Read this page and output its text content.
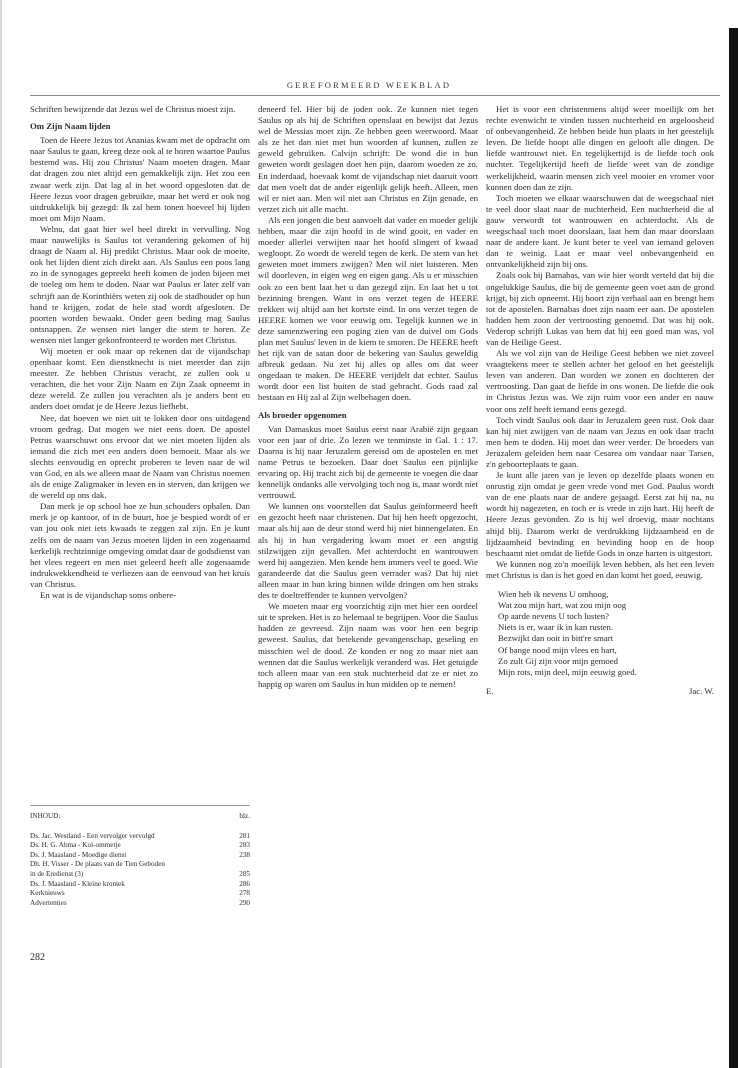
GEREFORMEERD WEEKBLAD

Schriften bewijzende dat Jezus wel de Christus moest zijn.

Om Zijn Naam lijden

Toen de Heere Jezus tot Ananias kwam met de opdracht om naar Saulus te gaan, kreeg deze ook al te horen waartoe Paulus bestemd was. Hij zou Christus' Naam moeten dragen. Maar dat dragen zou niet altijd een gemakkelijk zijn. Het zou een zwaar werk zijn. Dat lag al in het woord opgesloten dat de Heere Jezus voor dragen gebruikte, maar het werd er ook nog uitdrukkelijk bij gezegd: Ik zal hem tonen hoeveel hij lijden moet om Mijn Naam.

Welnu, dat gaat hier wel heel direkt in vervulling. Nog maar nauwelijks is Saulus tot verandering gekomen of hij draagt de Naam al. Hij predikt Christus. Maar ook de moeite, ook het lijden dient zich direkt aan. Als Saulus een poos lang zo in de synogages gepreekt heeft komen de joden bijeen met de toeleg om hem te doden. Naar wat Paulus er later zelf van schrijft aan de Korinthiërs weten zij ook de stadhouder op hun hand te krijgen, zodat de hele stad wordt afgesloten. De poorten worden bewaakt. Onder geen beding mag Saulus ontsnappen. Ze wensen niet langer die stem te horen. Ze wensen niet langer gekonfronteerd te worden met Christus.

Wij moeten er ook maar op rekenen dat de vijandschap openbaar komt. Een dienstknecht is niet meerder dan zijn meester. Ze hebben Christus veracht, ze zullen ook u verachten, die het voor Zijn Naam en Zijn Zaak opneemt in deze wereld. Ze zullen jou verachten als je anders bent en anders doet omdat je de Heere Jezus liefhebt.

Nee, dat hoeven we niet uit te lokken door ons uitdagend vroom gedrag. Dat mogen we niet eens doen. De apostel Petrus waarschuwt ons ervoor dat we niet moeten lijden als iemand die zich met een anders doen bemoeit. Maar als we slechts eenvoudig en oprecht proberen te leven naar de wil van God, en als we alleen maar de Naam van Christus noemen als de enige Zaligmaker in leven en in sterven, dan krijgen we de wereld op ons dak.

Dan merk je op school hoe ze hun schouders ophalen. Dan merk je op kantoor, of in de buurt, hoe je bespied wordt of er van jou ook niet iets kwaads te zeggen zal zijn. En je kunt zelfs om de naam van Jezus moeten lijden in een zogenaamd kerkelijk rechtzinnige omgeving omdat daar de godsdienst van het vlees regeert en men niet geleerd heeft alle zogenaamde indrukwekkendheid te verliezen aan de eenvoud van het kruis van Christus.

En wat is de vijandschap soms onbere-

INHOUD:	blz.
Ds. Jac. Westland - Een vervolger vervolgd	281
Ds. H. G. Abma - Kol-ommetje	283
Ds. J. Maasland - Moedige dienst	238
Dh. H. Visser - De plaats van de Tien Geboden
in de Eredienst (3)	285
Ds. J. Maasland - Kleine kroniek	286
Kerknieuws	278
Advertenties	290
282

deneerd fel. Hier bij de joden ook. Ze kunnen niet tegen Saulus op als hij de Schriften openslaat en bewijst dat Jezus wel de Messias moet zijn. Ze hebben geen weerwoord. Maar als ze het dan niet met hun woorden af kunnen, zullen ze geweld gebruiken. Calvijn schrijft: De wond die in hun geweten wordt geslagen doet hen pijn, daarom woeden ze zo. En inderdaad, hoevaak komt de vijandschap niet daaruit voort dat men voelt dat de ander eigenlijk gelijk heeft. Alleen, men wil er niet aan. Men wil niet aan Christus en Zijn genade, en verzet zich uit alle macht.

Als een jongen die best aanvoelt dat vader en moeder gelijk hebben, maar die zijn hoofd in de wind gooit, en vader en moeder allerlei verwijten naar het hoofd slingert of kwaad wegloopt. Zo woedt de wereld tegen de kerk. De stem van het geweten moet immers zwijgen? Men wil niet luisteren. Men wil doorleven, in eigen weg en eigen gang. Als u er misschien ook zo een bent laat het u dan gezegd zijn. En laat het u tot bezinning brengen. Want in ons verzet tegen de HEERE trekken wij altijd aan het kortste eind. In ons verzet tegen de HEERE komen we voor eeuwig om. Tegelijk kunnen we in deze samenzwering een poging zien van de duivel om Gods plan met Saulus' leven in de kiem te smoren. De HEERE heeft het rijk van de satan door de bekering van Saulus geweldig afbreuk gedaan. Nu zet hij alles op alles om dat weer ongedaan te maken. De HEERE verijdelt dat echter. Saulus wordt door een list buiten de stad gebracht. Gods raad zal bestaan en Hij zal al Zijn welbehagen doen.

Als broeder opgenomen

Van Damaskus moet Saulus eerst naar Arabië zijn gegaan voor een jaar of drie. Zo lezen we tenminste in Gal. 1 : 17. Daarna is hij naar Jeruzalem gereisd om de apostelen en met name Petrus te bezoeken. Daar doet Saulus een pijnlijke ervaring op. Hij tracht zich bij de gemeente te voegen die daar kennelijk ondanks alle vervolging toch nog is, maar wordt niet vertrouwd.

We kunnen ons voorstellen dat Saulus geïnformeerd heeft en gezocht heeft naar christenen. Dat hij hen heeft opgezocht, maar als hij aan de deur stond werd hij niet binnengelaten. En als hij in hun vergadering kwam moet er een angstig stilzwijgen zijn gevallen. Met achterdocht en wantrouwen werd hij aangezien. Men kende hem immers veel te goed. Wie garandeerde dat die Saulus geen verrader was? Dat hij niet alleen maar in hun kring binnen wilde dringen om hen straks des te doeltreffender te kunnen vervolgen?

We moeten maar erg voorzichtig zijn met hier een oordeel uit te spreken. Het is zo helemaal te begrijpen. Voor die Saulus hadden ze gevreesd. Zijn naam was voor hen een begrip geweest. Saulus, dat betekende gevangenschap, geseling en misschien wel de dood. Ze konden er nog zo maar niet aan wennen dat die Saulus werkelijk veranderd was. Het getuigde toch alleen maar van een stuk nuchterheid dat ze er niet zo happig op waren om Saulus in hun midden op te nemen!

Het is voor een christenmens altijd weer moeilijk om het rechte evenwicht te vinden tussen nuchterheid en argeloosheid of onbevangenheid. Ze hebben beide hun plaats in het geestelijk leven. De liefde hoopt alle dingen en gelooft alle dingen. De liefde wantrouwt niet. En tegelijkertijd is de liefde toch ook nuchter. Tegelijkertijd heeft de liefde weet van de zondige werkelijkheid, waarin mensen zich veel mooier en vromer voor kunnen doen dan ze zijn.

Toch moeten we elkaar waarschuwen dat de weegschaal niet te veel door slaat naar de nuchterheid. Een nuchterheid die al gauw verwordt tot wantrouwen en achterdocht. Als de weegschaal toch moet doorslaan, laat hem dan maar doorslaan naar de andere kant. Je kunt beter te veel van iemand geloven dan te weinig. Laat er maar veel onbevangenheid en ontvankelijkheid zijn bij ons.

Zoals ook bij Barnabas, van wie hier wordt verteld dat hij die ongelukkige Saulus, die bij de gemeente geen voet aan de grond krijgt, bij zich opneemt. Hij hoort zijn verhaal aan en brengt hem tot de apostelen. Barnabas doet zijn naam eer aan. De apostelen hadden hem zoon der vertroosting genoemd. Dat was hij ook. Vederop schrijft Lukas van hem dat hij een goed man was, vol van de Heilige Geest.

Als we vol zijn van de Heilige Geest hebben we niet zoveel vraagtekens meer te stellen achter het geloof en het geestelijk leven van anderen. Dan worden we zonen en dochteren der vertroosting. Dan gaat de liefde in ons wonen. De liefde die ook in Christus Jezus was. We zijn ruim voor een ander en nauw voor ons zelf heeft iemand eens gezegd.

Toch vindt Saulus ook daar in Jeruzalem geen rust. Ook daar kan hij niet zwijgen van de naam van Jezus en ook daar tracht men hem te doden. Hij moet dan weer verder. De broeders van Jeruzalem geleiden hem naar Cesarea om vandaar naar Tarsen, z'n geboorteplaats te gaan.

Je kunt alle jaren van je leven op dezelfde plaats wonen en onrustig zijn omdat je geen vrede vond met God. Paulus wordt van de ene plaats naar de andere gejaagd. Eerst zat hij na, nu wordt hij nagezeten, en toch er is vrede in zijn hart. Hij heeft de Heere Jezus gevonden. Zo is hij wel droevig, maar nochtans altijd blij. Daarom werkt de verdrukking lijdzaamheid en de lijdzaamheid bevinding en bevinding hoop en de hoop beschaamt niet omdat de liefde Gods in onze harten is uitgestort.

We kunnen nog zo'n moeilijk leven hebben, als het een leven met Christus is dan is het goed en dan komt het goed, eeuwig.

Wien heb ik nevens U omhoog,
Wat zou mijn hart, wat zou mijn oog
Op aarde nevens U toch lusten?
Niets is er, waar ik in kan rusten.
Bezwijkt dan ooit in bitt're smart
Of bange nood mijn vlees en hart,
Zo zult Gij zijn voor mijn gemoed
Mijn rots, mijn deel, mijn eeuwig goed.
E.	Jac. W.
